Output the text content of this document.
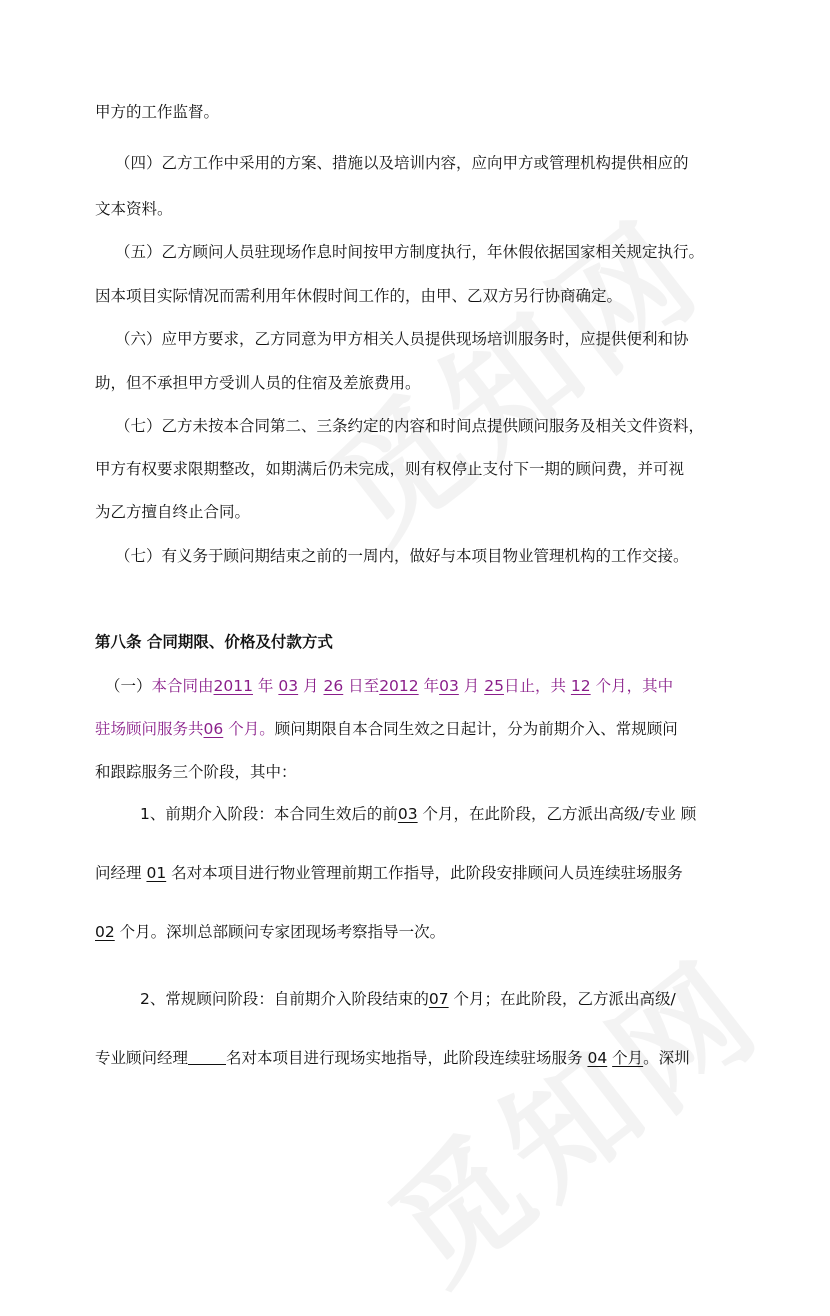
甲方的工作监督。
（四）乙方工作中采用的方案、措施以及培训内容，应向甲方或管理机构提供相应的
文本资料。
（五）乙方顾问人员驻现场作息时间按甲方制度执行，年休假依据国家相关规定执行。
因本项目实际情况而需利用年休假时间工作的，由甲、乙双方另行协商确定。
（六）应甲方要求，乙方同意为甲方相关人员提供现场培训服务时，应提供便利和协
助，但不承担甲方受训人员的住宿及差旅费用。
（七）乙方未按本合同第二、三条约定的内容和时间点提供顾问服务及相关文件资料，
甲方有权要求限期整改，如期满后仍未完成，则有权停止支付下一期的顾问费，并可视
为乙方擅自终止合同。
（七）有义务于顾问期结束之前的一周内，做好与本项目物业管理机构的工作交接。
第八条 合同期限、价格及付款方式
（一）本合同由2011 年 03 月 26 日至2012 年03 月 25日止，共 12 个月，其中
驻场顾问服务共06 个月。顾问期限自本合同生效之日起计，分为前期介入、常规顾问
和跟踪服务三个阶段，其中：
1、前期介入阶段：本合同生效后的前03 个月，在此阶段，乙方派出高级/专业 顾
问经理 01 名对本项目进行物业管理前期工作指导，此阶段安排顾问人员连续驻场服务
02 个月。深圳总部顾问专家团现场考察指导一次。
2、常规顾问阶段：自前期介入阶段结束的07 个月；在此阶段，乙方派出高级/
专业顾问经理 名对本项目进行现场实地指导，此阶段连续驻场服务 04 个月。深圳
